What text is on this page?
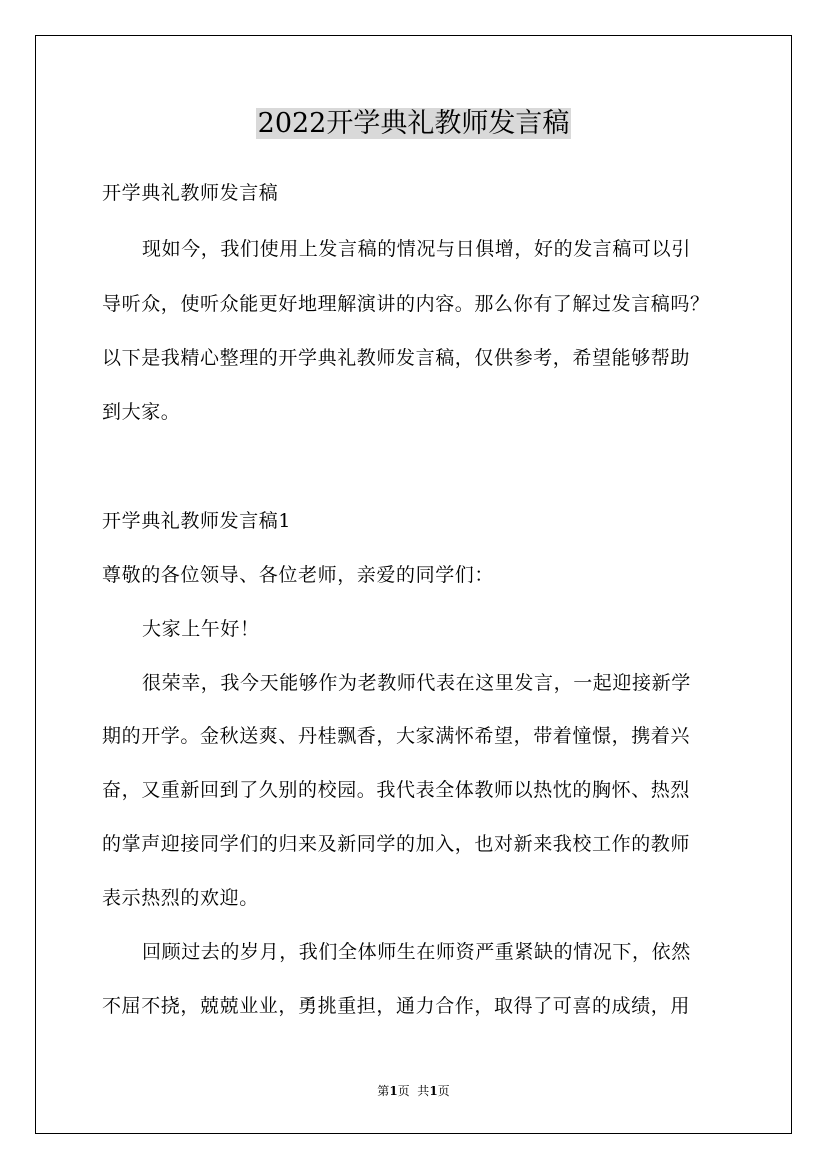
2022开学典礼教师发言稿
开学典礼教师发言稿
现如今，我们使用上发言稿的情况与日俱增，好的发言稿可以引
导听众，使听众能更好地理解演讲的内容。那么你有了解过发言稿吗？
以下是我精心整理的开学典礼教师发言稿，仅供参考，希望能够帮助
到大家。
开学典礼教师发言稿1
尊敬的各位领导、各位老师，亲爱的同学们：
大家上午好！
很荣幸，我今天能够作为老教师代表在这里发言，一起迎接新学
期的开学。金秋送爽、丹桂飘香，大家满怀希望，带着憧憬，携着兴
奋，又重新回到了久别的校园。我代表全体教师以热忱的胸怀、热烈
的掌声迎接同学们的归来及新同学的加入，也对新来我校工作的教师
表示热烈的欢迎。
回顾过去的岁月，我们全体师生在师资严重紧缺的情况下，依然
不屈不挠，兢兢业业，勇挑重担，通力合作，取得了可喜的成绩，用
第1页  共1页
